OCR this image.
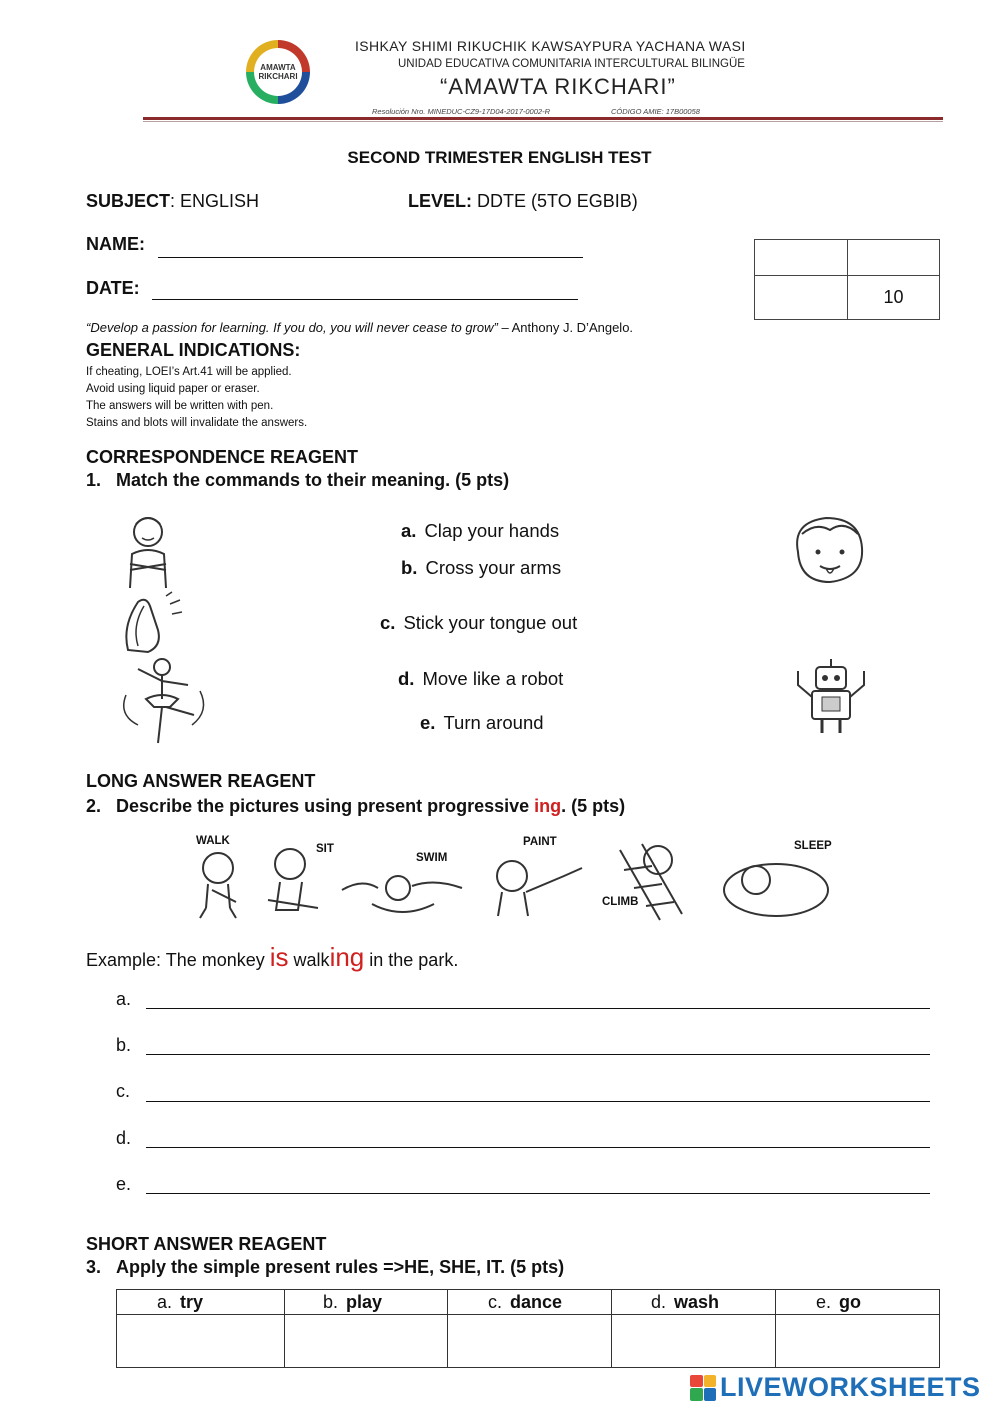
AMAWTA
RIKCHARI
ISHKAY SHIMI RIKUCHIK KAWSAYPURA YACHANA WASI
UNIDAD EDUCATIVA COMUNITARIA INTERCULTURAL BILINGÜE
“AMAWTA RIKCHARI”
Resolución Nro. MINEDUC-CZ9-17D04-2017-0002-R	CÓDIGO AMIE: 17B00058
SECOND TRIMESTER ENGLISH TEST
SUBJECT: ENGLISH	LEVEL: DDTE (5TO EGBIB)
NAME:
DATE:	10
“Develop a passion for learning. If you do, you will never cease to grow” – Anthony J. D’Angelo.
GENERAL INDICATIONS:
If cheating, LOEI’s Art.41 will be applied.
Avoid using liquid paper or eraser.
The answers will be written with pen.
Stains and blots will invalidate the answers.
CORRESPONDENCE REAGENT
1. Match the commands to their meaning. (5 pts)
a. Clap your hands
b. Cross your arms
c. Stick your tongue out
d. Move like a robot
e. Turn around
LONG ANSWER REAGENT
2. Describe the pictures using present progressive ing. (5 pts)
WALK
SIT
SWIM
PAINT
CLIMB
SLEEP
Example: The monkey is walking in the park.
a.
b.
c.
d.
e.
SHORT ANSWER REAGENT
3. Apply the simple present rules =>HE, SHE, IT. (5 pts)
a. try	b. play	c. dance	d. wash	e. go
LIVEWORKSHEETS
